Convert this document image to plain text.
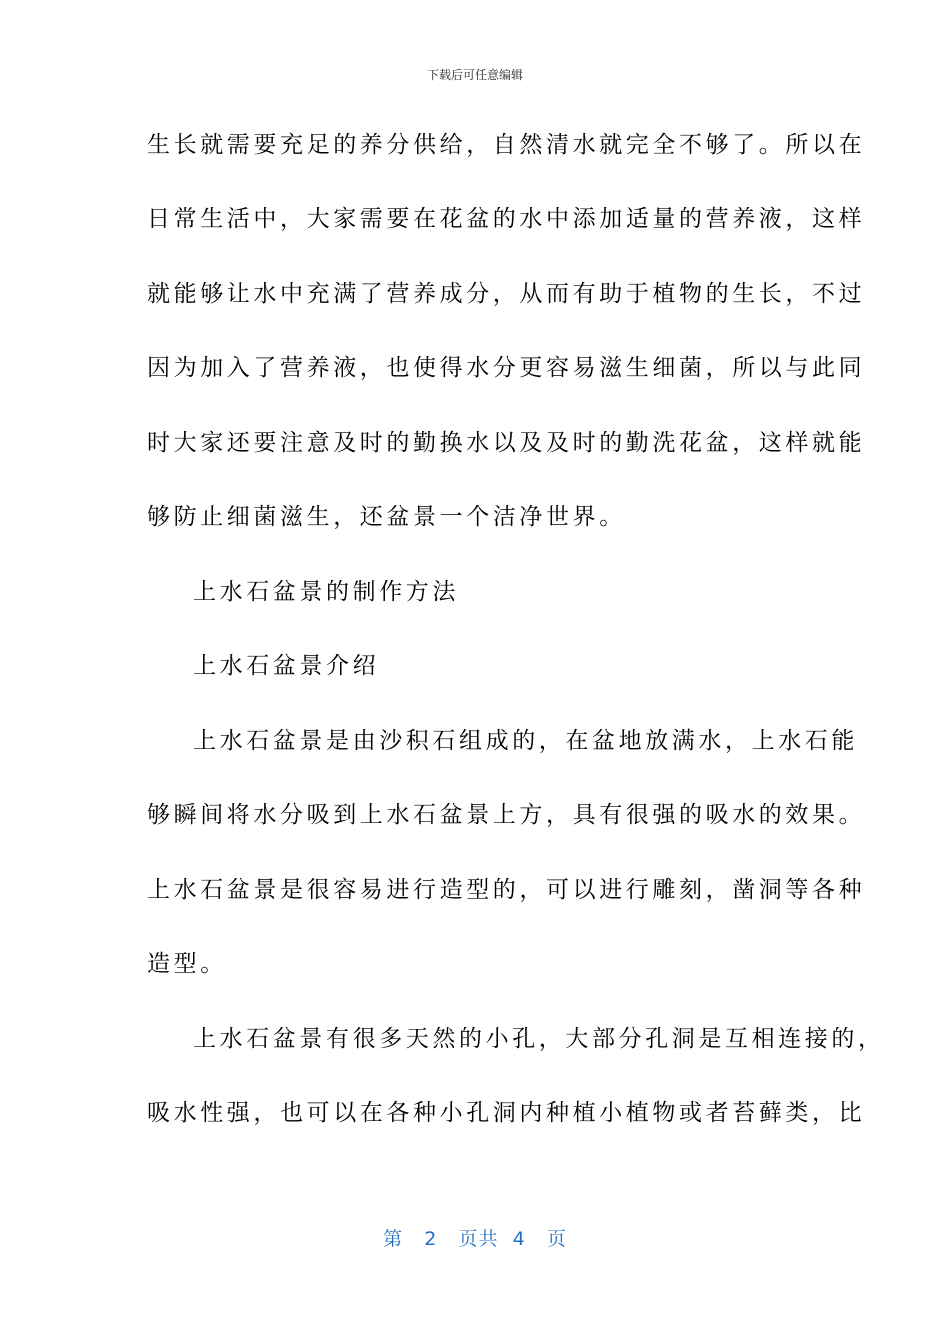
下载后可任意编辑
生长就需要充足的养分供给，自然清水就完全不够了。所以在
日常生活中，大家需要在花盆的水中添加适量的营养液，这样
就能够让水中充满了营养成分，从而有助于植物的生长，不过
因为加入了营养液，也使得水分更容易滋生细菌，所以与此同
时大家还要注意及时的勤换水以及及时的勤洗花盆，这样就能
够防止细菌滋生，还盆景一个洁净世界。
上水石盆景的制作方法
上水石盆景介绍
上水石盆景是由沙积石组成的，在盆地放满水，上水石能
够瞬间将水分吸到上水石盆景上方，具有很强的吸水的效果。
上水石盆景是很容易进行造型的，可以进行雕刻，凿洞等各种
造型。
上水石盆景有很多天然的小孔，大部分孔洞是互相连接的，
吸水性强，也可以在各种小孔洞内种植小植物或者苔藓类，比
第 2 页共 4 页
